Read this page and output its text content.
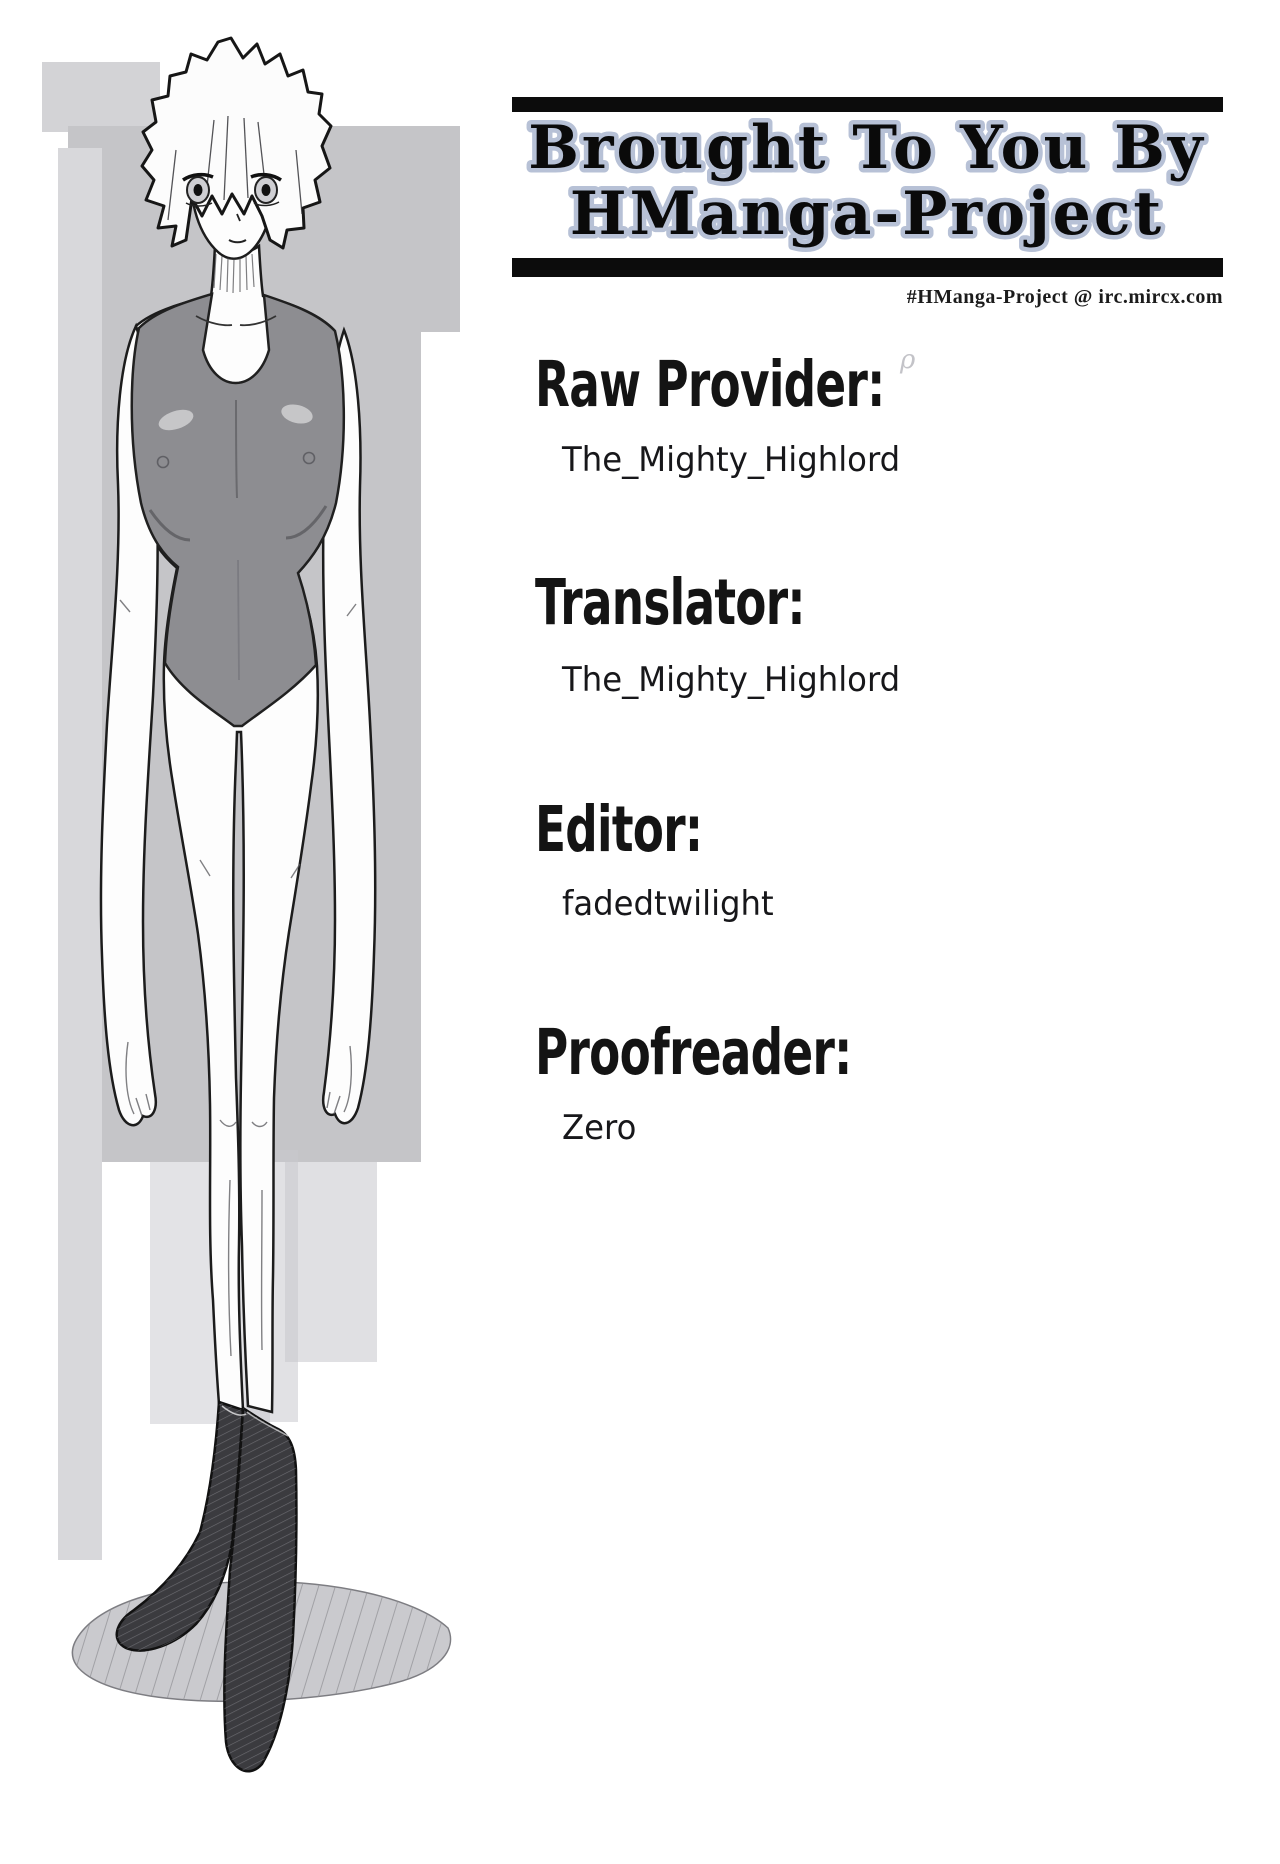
Brought To You By
HManga-Project
#HManga-Project @ irc.mircx.com
ρ
Raw Provider:
The_Mighty_Highlord
Translator:
The_Mighty_Highlord
Editor:
fadedtwilight
Proofreader:
Zero
